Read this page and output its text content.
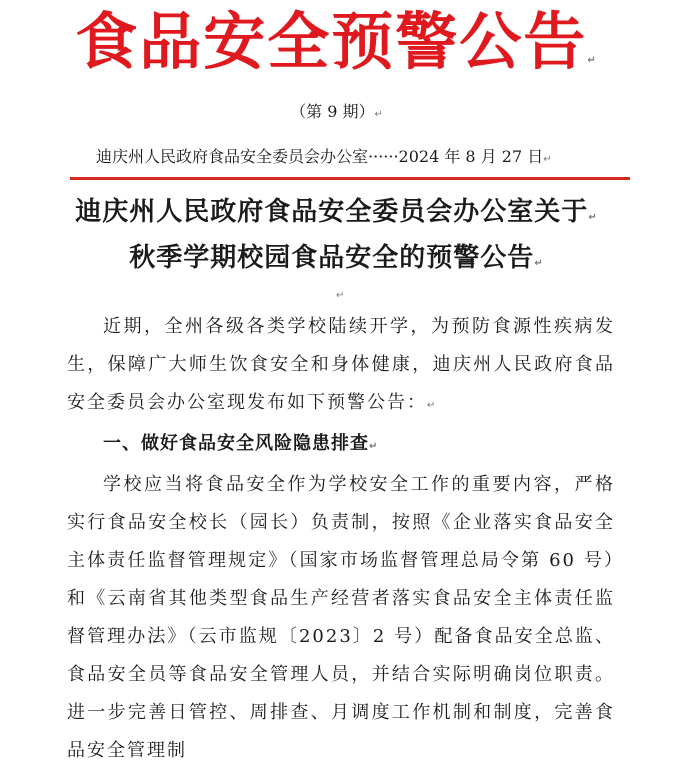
食品安全预警公告↵
（第 9 期）↵
迪庆州人民政府食品安全委员会办公室······2024 年 8 月 27 日↵
迪庆州人民政府食品安全委员会办公室关于↵
秋季学期校园食品安全的预警公告↵
↵

近期，全州各级各类学校陆续开学，为预防食源性疾病发生，保障广大师生饮食安全和身体健康，迪庆州人民政府食品安全委员会办公室现发布如下预警公告：↵

一、做好食品安全风险隐患排查↵

学校应当将食品安全作为学校安全工作的重要内容，严格实行食品安全校长（园长）负责制，按照《企业落实食品安全主体责任监督管理规定》（国家市场监督管理总局令第 60 号）和《云南省其他类型食品生产经营者落实食品安全主体责任监督管理办法》（云市监规〔2023〕2 号）配备食品安全总监、食品安全员等食品安全管理人员，并结合实际明确岗位职责。进一步完善日管控、周排查、月调度工作机制和制度，完善食品安全管理制
